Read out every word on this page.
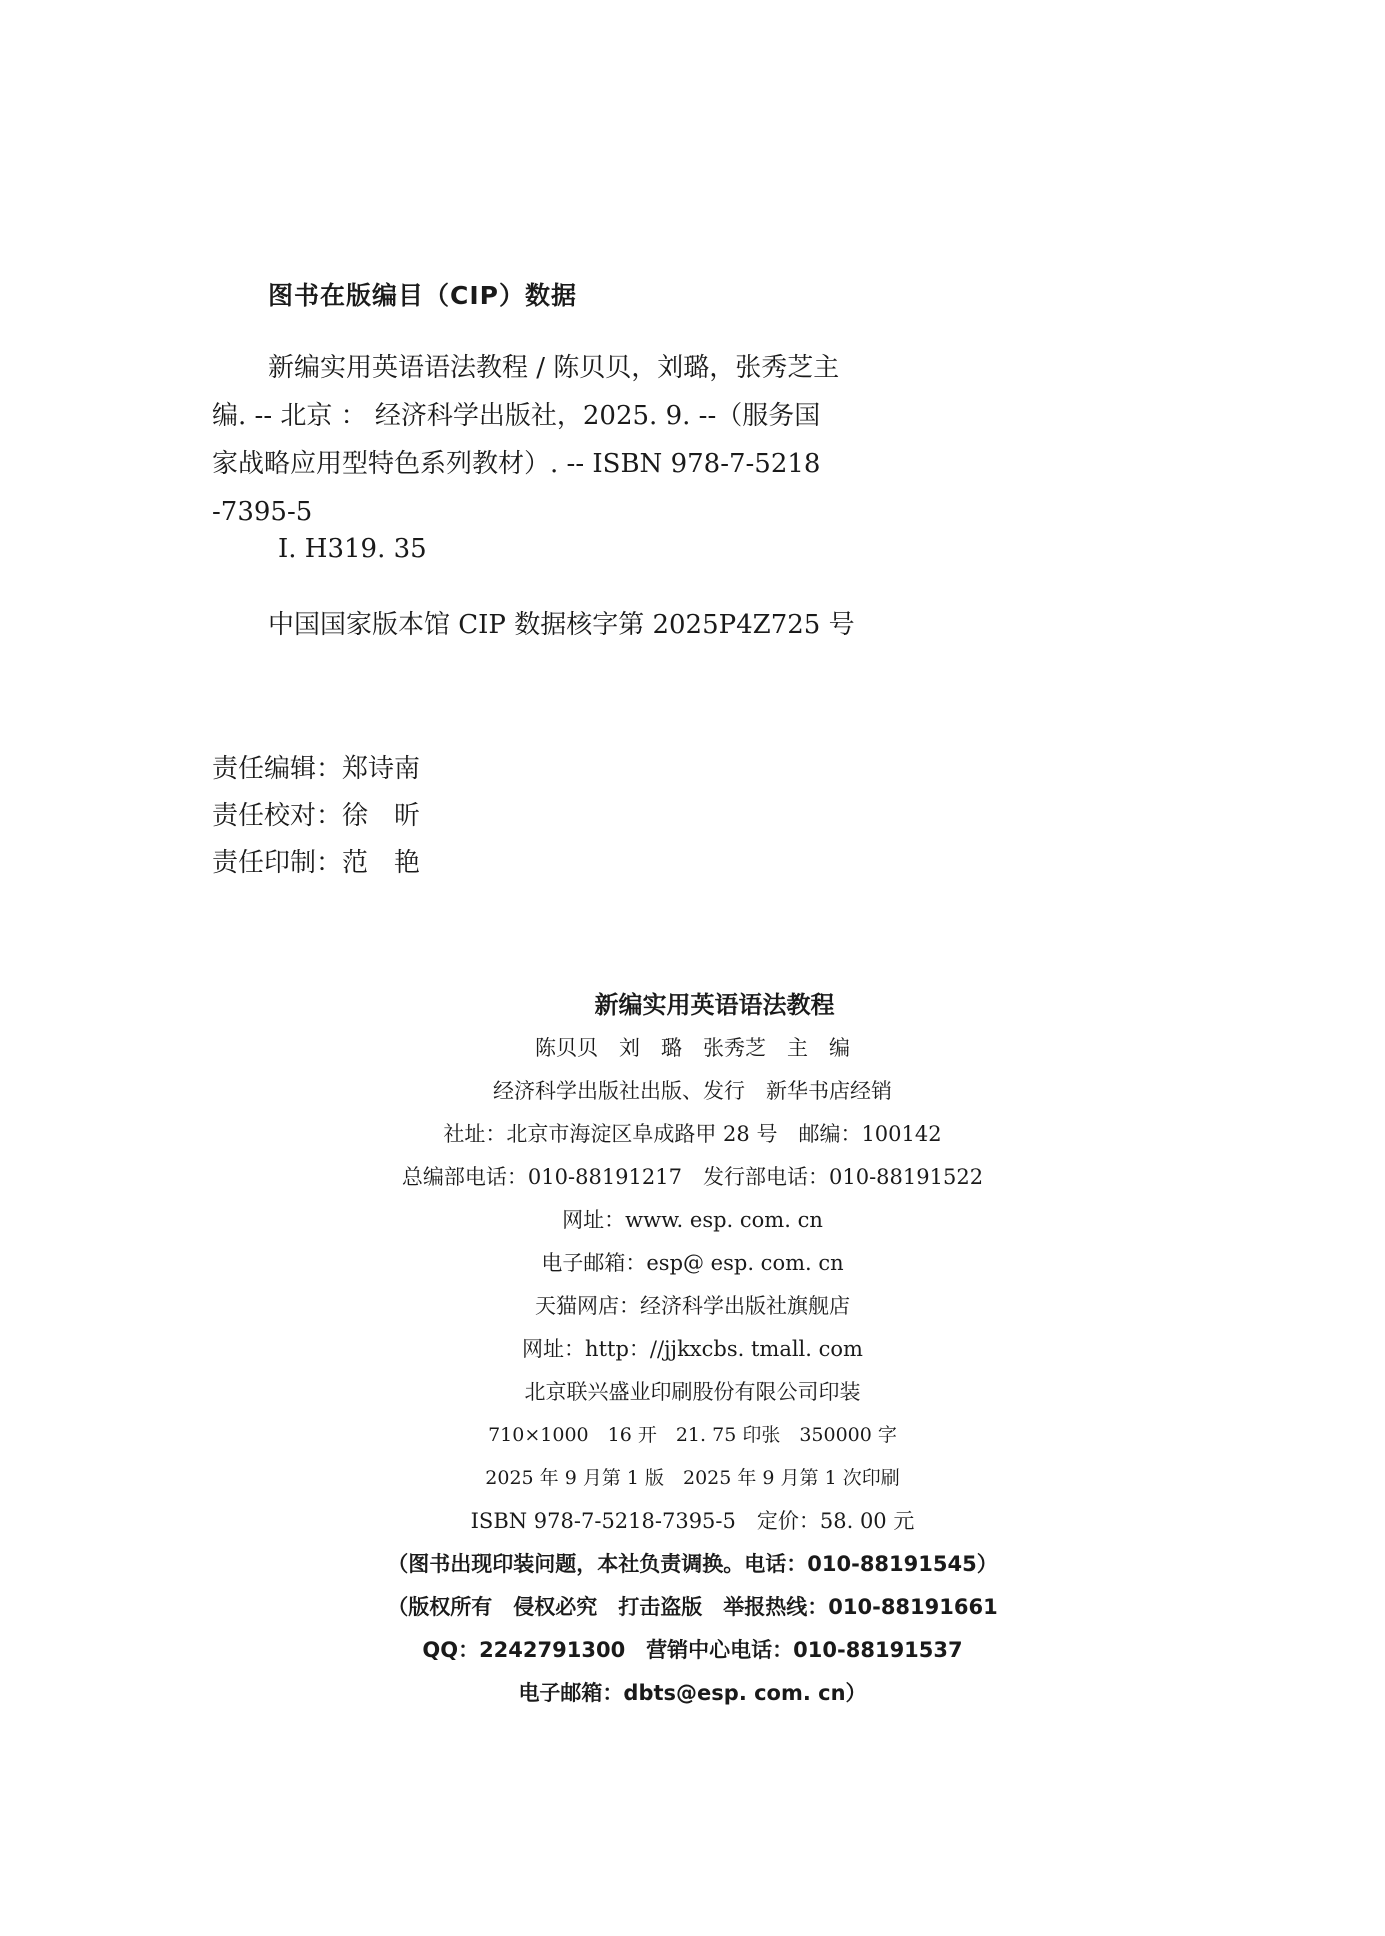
图书在版编目（CIP）数据
新编实用英语语法教程 / 陈贝贝，刘璐，张秀芝主
编. -- 北京 ： 经济科学出版社，2025. 9. --（服务国
家战略应用型特色系列教材）. -- ISBN 978-7-5218
-7395-5
Ⅰ. H319. 35
中国国家版本馆 CIP 数据核字第 2025P4Z725 号
责任编辑：郑诗南
责任校对：徐　昕
责任印制：范　艳
新编实用英语语法教程
陈贝贝　刘　璐　张秀芝　主　编
经济科学出版社出版、发行　新华书店经销
社址：北京市海淀区阜成路甲 28 号　邮编：100142
总编部电话：010-88191217　发行部电话：010-88191522
网址：www. esp. com. cn
电子邮箱：esp@ esp. com. cn
天猫网店：经济科学出版社旗舰店
网址：http：//jjkxcbs. tmall. com
北京联兴盛业印刷股份有限公司印装
710×1000　16 开　21. 75 印张　350000 字
2025 年 9 月第 1 版　2025 年 9 月第 1 次印刷
ISBN 978-7-5218-7395-5　定价：58. 00 元
（图书出现印装问题，本社负责调换。电话：010-88191545）
（版权所有　侵权必究　打击盗版　举报热线：010-88191661
QQ：2242791300　营销中心电话：010-88191537
电子邮箱：dbts@esp. com. cn）
